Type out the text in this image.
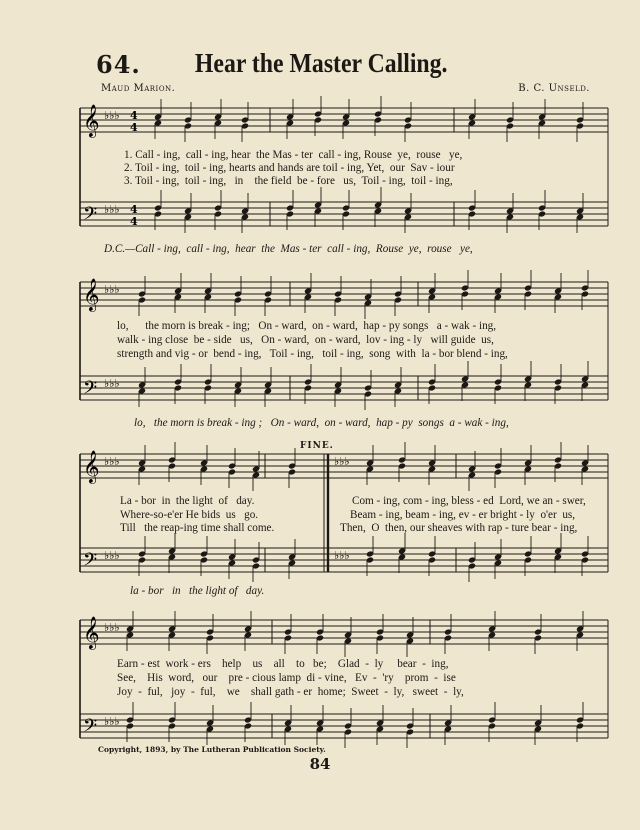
64.	Hear the Master Calling.
Maud Marion.	B. C. Unseld.
𝄞
𝄢
♭♭♭
♭♭♭
4
4
4
4
𝄞
𝄢
♭♭♭
♭♭♭
𝄞
𝄢
♭♭♭
♭♭♭
♭♭♭
♭♭♭
𝄞
𝄢
♭♭♭
♭♭♭
1. Call - ing,  call - ing, hear  the Mas - ter  call - ing, Rouse  ye,  rouse   ye,
2. Toil - ing,  toil - ing, hearts and hands are toil - ing, Yet,  our  Sav - iour
3. Toil - ing,  toil - ing,   in    the field  be - fore   us,  Toil - ing,  toil - ing,
D.C.—Call - ing,  call - ing,  hear  the  Mas - ter  call - ing,  Rouse  ye,  rouse   ye,
lo,      the morn is break - ing;   On - ward,  on - ward,  hap - py songs   a - wak - ing,
walk - ing close  be - side   us,   On - ward,  on - ward,  lov - ing - ly   will guide  us,
strength and vig - or  bend - ing,   Toil - ing,   toil - ing,  song  with  la - bor blend - ing,
lo,   the morn is break - ing ;   On - ward,  on - ward,  hap - py  songs  a - wak - ing,
FINE.
La - bor  in  the light  of   day.
Where-so-e'er He bids  us   go.
Till   the reap-ing time shall come.
Com - ing, com - ing, bless - ed  Lord, we an - swer,
Beam - ing, beam - ing, ev - er bright - ly  o'er  us,
Then,  O  then, our sheaves with rap - ture bear - ing,
la - bor   in   the light of   day.
Earn - est  work - ers    help    us    all    to   be;    Glad  -  ly     bear  -  ing,
See,    His  word,   our    pre - cious lamp  di - vine,   Ev  -  'ry    prom  -  ise
Joy  -  ful,   joy  -  ful,    we    shall gath - er  home;  Sweet  -  ly,   sweet  -  ly,
Copyright, 1893, by The Lutheran Publication Society.
84
